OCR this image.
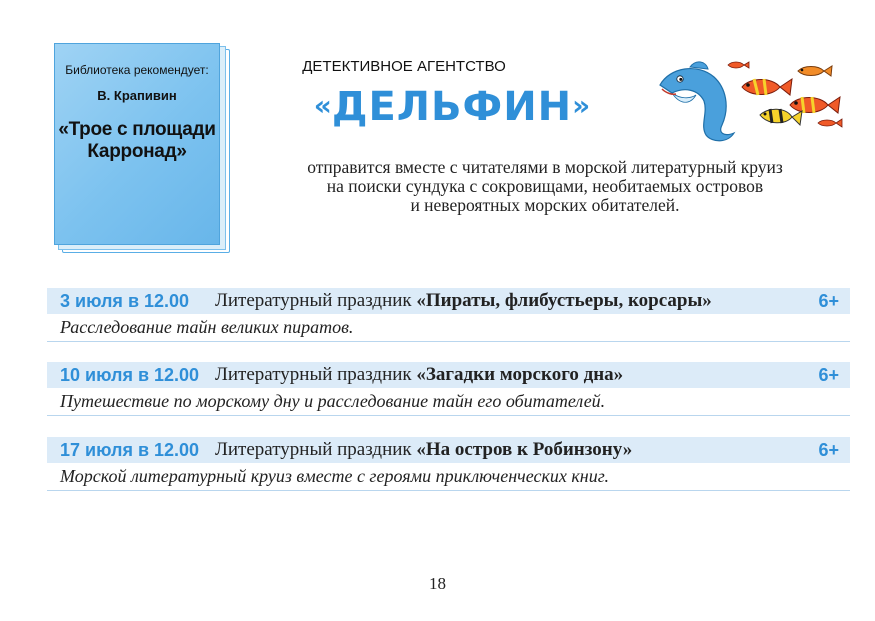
Библиотека рекомендует:
В. Крапивин
«Трое с площади Карронад»
ДЕТЕКТИВНОЕ АГЕНТСТВО
«ДЕЛЬФИН»
отправится вместе с читателями в морской литературный круиз
на поиски сундука с сокровищами, необитаемых островов
и невероятных морских обитателей.
3 июля в 12.00 Литературный праздник «Пираты, флибустьеры, корсары»	6+
Расследование тайн великих пиратов.
10 июля в 12.00 Литературный праздник «Загадки морского дна»	6+
Путешествие по морскому дну и расследование тайн его обитателей.
17 июля в 12.00 Литературный праздник «На остров к Робинзону»	6+
Морской литературный круиз вместе с героями приключенческих книг.
18
